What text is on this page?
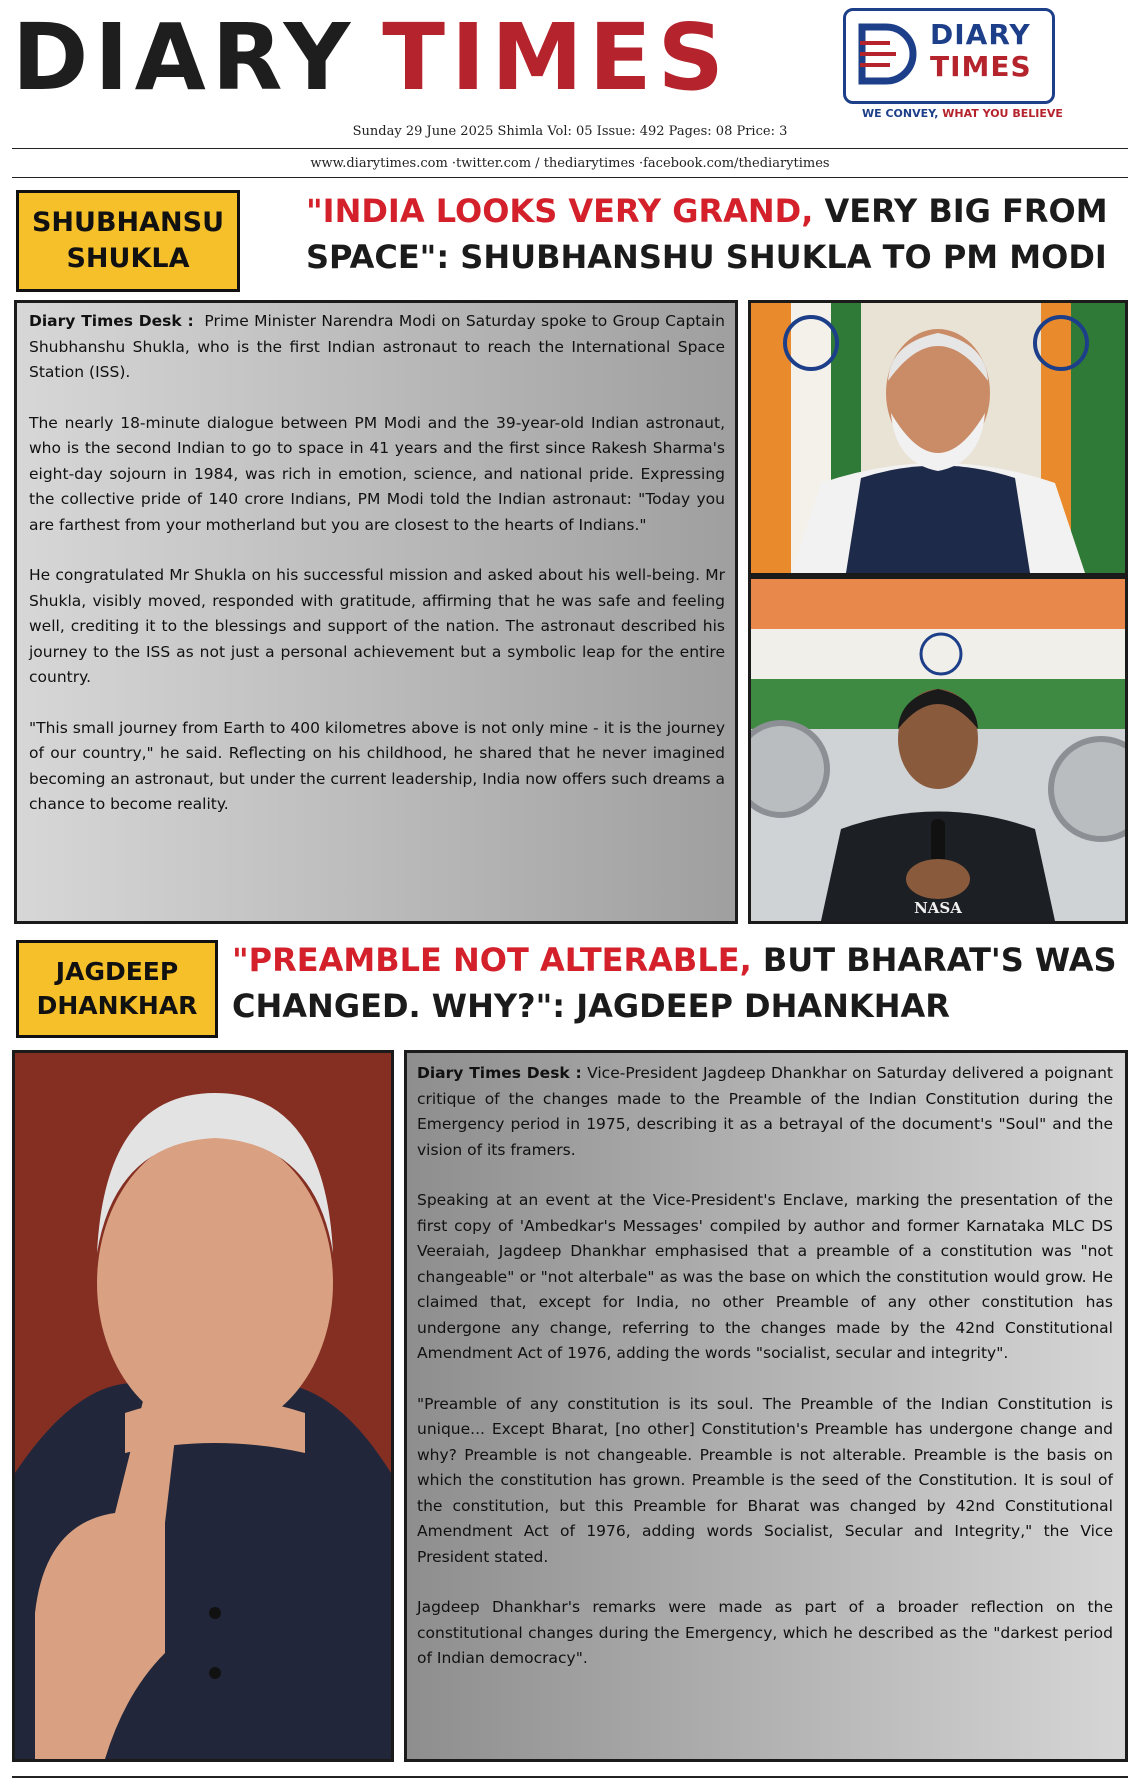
DIARY TIMES	DIARY
TIMES
WE CONVEY, WHAT YOU BELIEVE
Sunday 29 June 2025 Shimla Vol: 05 Issue: 492 Pages: 08 Price: 3
www.diarytimes.com ·twitter.com / thediarytimes ·facebook.com/thediarytimes
SHUBHANSU
SHUKLA
"INDIA LOOKS VERY GRAND, VERY BIG FROM
SPACE": SHUBHANSHU SHUKLA TO PM MODI

Diary Times Desk : Prime Minister Narendra Modi on Saturday spoke to Group Captain Shubhanshu Shukla, who is the first Indian astronaut to reach the International Space Station (ISS).

The nearly 18-minute dialogue between PM Modi and the 39-year-old Indian astronaut, who is the second Indian to go to space in 41 years and the first since Rakesh Sharma's eight-day sojourn in 1984, was rich in emotion, science, and national pride. Expressing the collective pride of 140 crore Indians, PM Modi told the Indian astronaut: "Today you are farthest from your motherland but you are closest to the hearts of Indians."

He congratulated Mr Shukla on his successful mission and asked about his well-being. Mr Shukla, visibly moved, responded with gratitude, affirming that he was safe and feeling well, crediting it to the blessings and support of the nation. The astronaut described his journey to the ISS as not just a personal achievement but a symbolic leap for the entire country.

"This small journey from Earth to 400 kilometres above is not only mine - it is the journey of our country," he said. Reflecting on his childhood, he shared that he never imagined becoming an astronaut, but under the current leadership, India now offers such dreams a chance to become reality.

NASA
JAGDEEP
DHANKHAR
"PREAMBLE NOT ALTERABLE, BUT BHARAT'S WAS
CHANGED. WHY?": JAGDEEP DHANKHAR

Diary Times Desk : Vice-President Jagdeep Dhankhar on Saturday delivered a poignant critique of the changes made to the Preamble of the Indian Constitution during the Emergency period in 1975, describing it as a betrayal of the document's "Soul" and the vision of its framers.

Speaking at an event at the Vice-President's Enclave, marking the presentation of the first copy of 'Ambedkar's Messages' compiled by author and former Karnataka MLC DS Veeraiah, Jagdeep Dhankhar emphasised that a preamble of a constitution was "not changeable" or "not alterbale" as was the base on which the constitution would grow. He claimed that, except for India, no other Preamble of any other constitution has undergone any change, referring to the changes made by the 42nd Constitutional Amendment Act of 1976, adding the words "socialist, secular and integrity".

"Preamble of any constitution is its soul. The Preamble of the Indian Constitution is unique... Except Bharat, [no other] Constitution's Preamble has undergone change and why? Preamble is not changeable. Preamble is not alterable. Preamble is the basis on which the constitution has grown. Preamble is the seed of the Constitution. It is soul of the constitution, but this Preamble for Bharat was changed by 42nd Constitutional Amendment Act of 1976, adding words Socialist, Secular and Integrity," the Vice President stated.

Jagdeep Dhankhar's remarks were made as part of a broader reflection on the constitutional changes during the Emergency, which he described as the "darkest period of Indian democracy".
